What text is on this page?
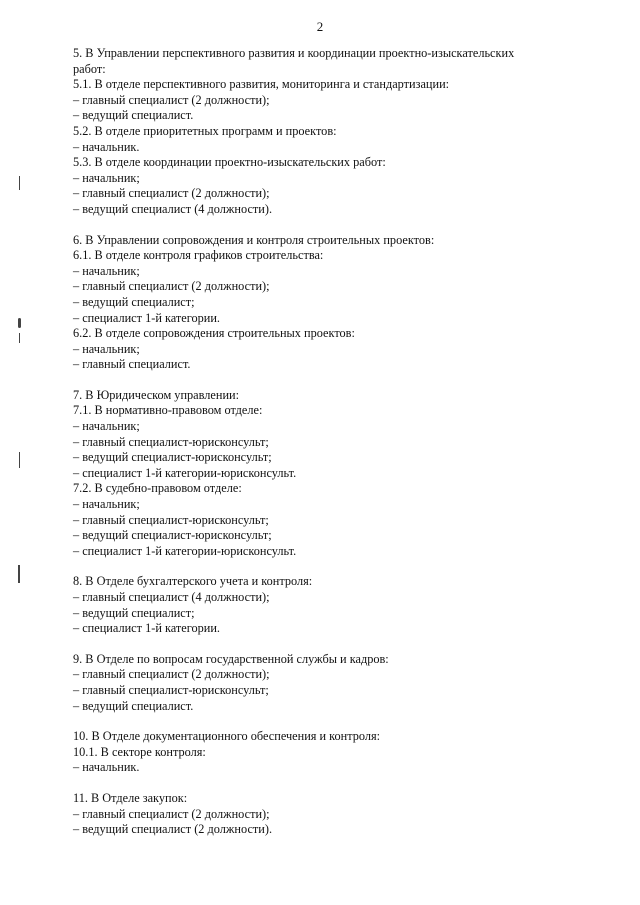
2
5. В Управлении перспективного развития и координации проектно-изыскательских
работ:
5.1. В отделе перспективного развития, мониторинга и стандартизации:
– главный специалист (2 должности);
– ведущий специалист.
5.2. В отделе приоритетных программ и проектов:
– начальник.
5.3. В отделе координации проектно-изыскательских работ:
– начальник;
– главный специалист (2 должности);
– ведущий специалист (4 должности).
6. В Управлении сопровождения и контроля строительных проектов:
6.1. В отделе контроля графиков строительства:
– начальник;
– главный специалист (2 должности);
– ведущий специалист;
– специалист 1-й категории.
6.2. В отделе сопровождения строительных проектов:
– начальник;
– главный специалист.
7. В Юридическом управлении:
7.1. В нормативно-правовом отделе:
– начальник;
– главный специалист-юрисконсульт;
– ведущий специалист-юрисконсульт;
– специалист 1-й категории-юрисконсульт.
7.2. В судебно-правовом отделе:
– начальник;
– главный специалист-юрисконсульт;
– ведущий специалист-юрисконсульт;
– специалист 1-й категории-юрисконсульт.
8. В Отделе бухгалтерского учета и контроля:
– главный специалист (4 должности);
– ведущий специалист;
– специалист 1-й категории.
9. В Отделе по вопросам государственной службы и кадров:
– главный специалист (2 должности);
– главный специалист-юрисконсульт;
– ведущий специалист.
10. В Отделе документационного обеспечения и контроля:
10.1. В секторе контроля:
– начальник.
11. В Отделе закупок:
– главный специалист (2 должности);
– ведущий специалист (2 должности).
